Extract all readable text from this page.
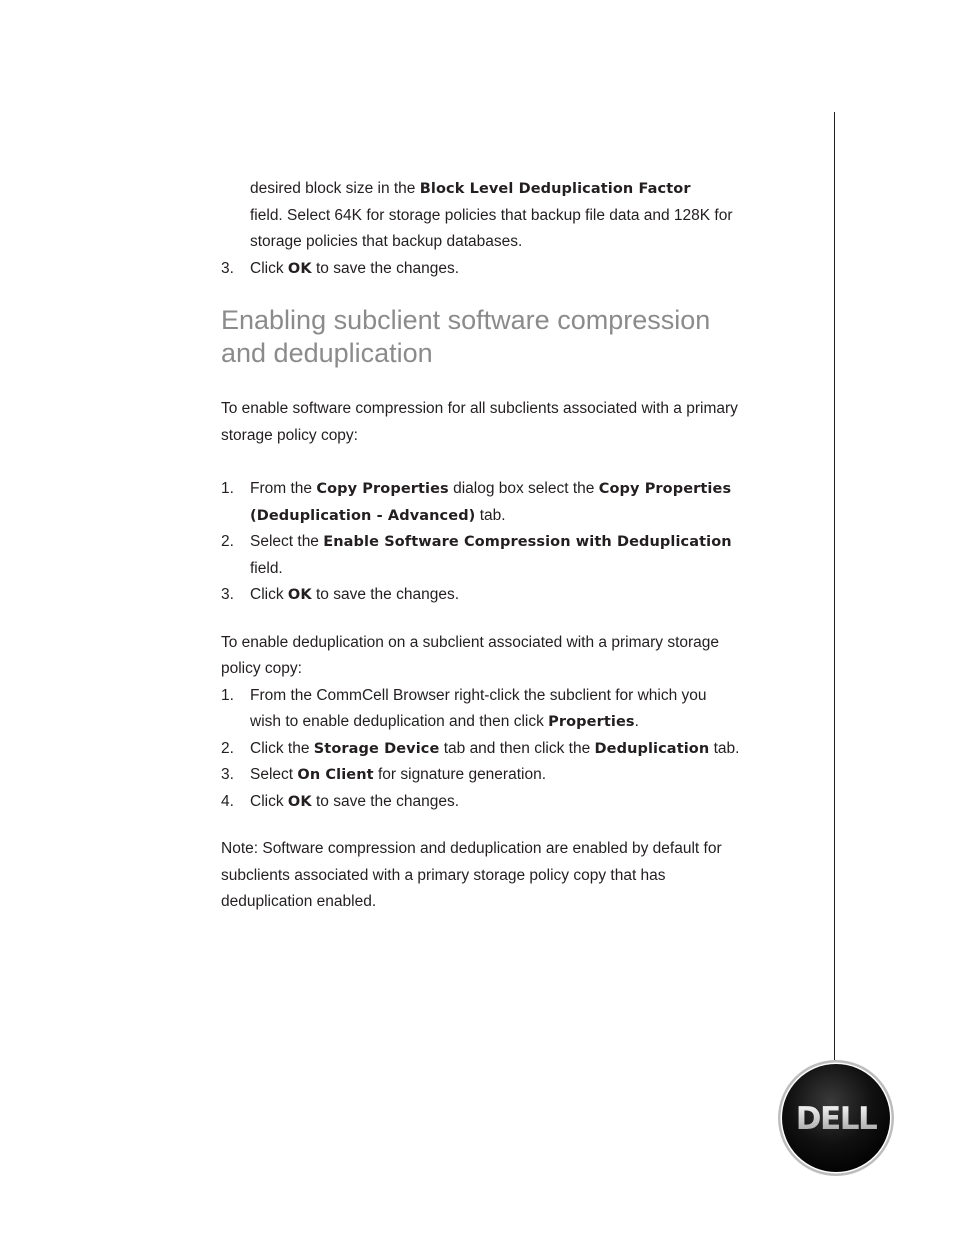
desired block size in the Block Level Deduplication Factor
field. Select 64K for storage policies that backup file data and 128K for storage policies that backup databases.
3.	Click OK to save the changes.
Enabling subclient software compression and deduplication

To enable software compression for all subclients associated with a primary storage policy copy:

1.	From the Copy Properties dialog box select the Copy Properties (Deduplication - Advanced) tab.
2.	Select the Enable Software Compression with Deduplication field.
3.	Click OK to save the changes.

To enable deduplication on a subclient associated with a primary storage policy copy:

1.	From the CommCell Browser right-click the subclient for which you wish to enable deduplication and then click Properties.
2.	Click the Storage Device tab and then click the Deduplication tab.
3.	Select On Client for signature generation.
4.	Click OK to save the changes.

Note: Software compression and deduplication are enabled by default for subclients associated with a primary storage policy copy that has deduplication enabled.

DELL
